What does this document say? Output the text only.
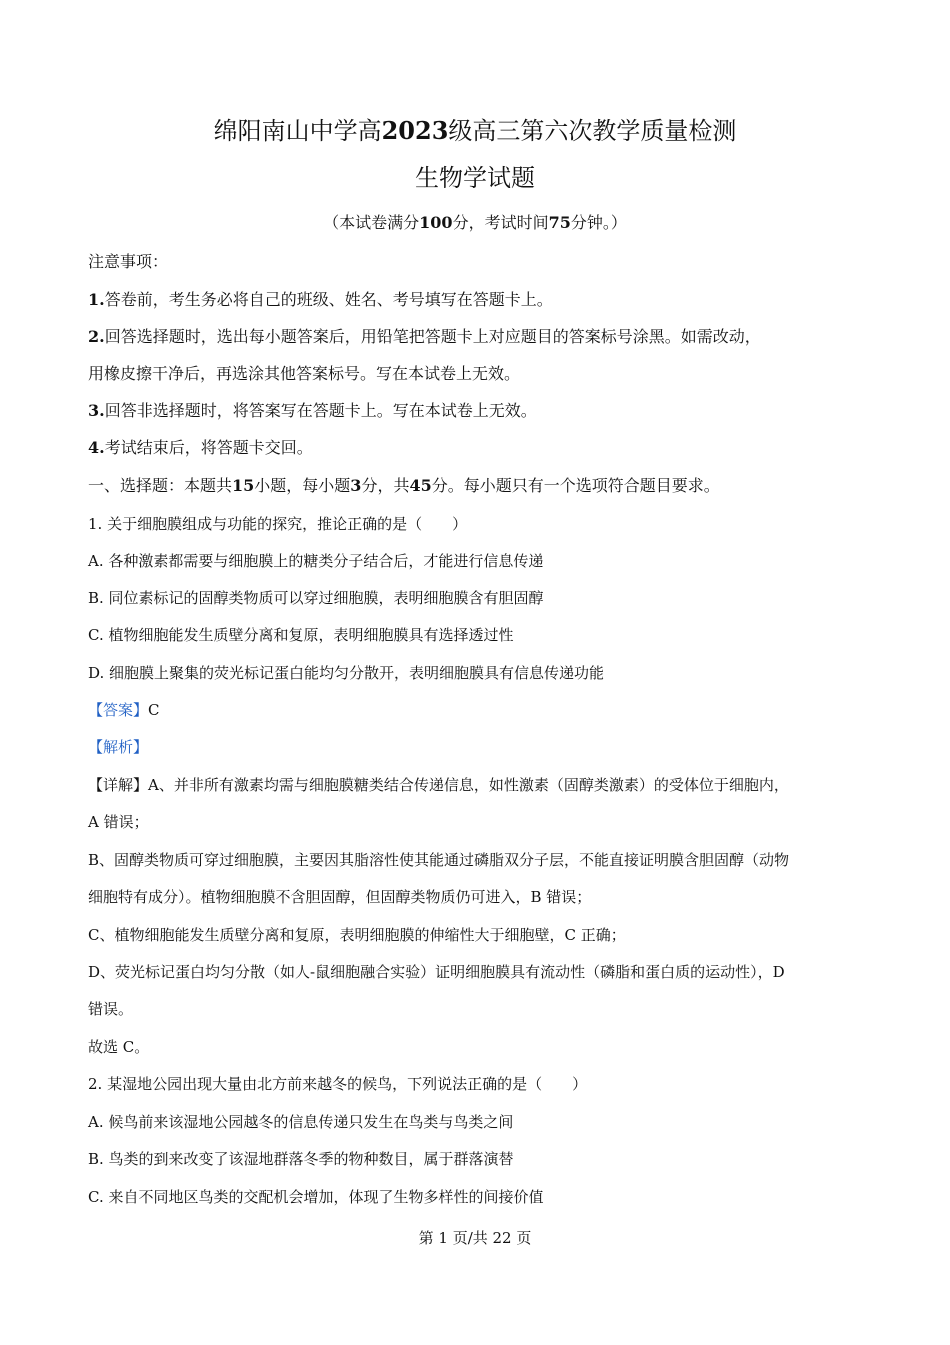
绵阳南山中学高2023级高三第六次教学质量检测
生物学试题
（本试卷满分100分，考试时间75分钟。）
注意事项：
1.答卷前，考生务必将自己的班级、姓名、考号填写在答题卡上。
2.回答选择题时，选出每小题答案后，用铅笔把答题卡上对应题目的答案标号涂黑。如需改动，
用橡皮擦干净后，再选涂其他答案标号。写在本试卷上无效。
3.回答非选择题时，将答案写在答题卡上。写在本试卷上无效。
4.考试结束后，将答题卡交回。
一、选择题：本题共15小题，每小题3分，共45分。每小题只有一个选项符合题目要求。
1. 关于细胞膜组成与功能的探究，推论正确的是（　　）
A. 各种激素都需要与细胞膜上的糖类分子结合后，才能进行信息传递
B. 同位素标记的固醇类物质可以穿过细胞膜，表明细胞膜含有胆固醇
C. 植物细胞能发生质壁分离和复原，表明细胞膜具有选择透过性
D. 细胞膜上聚集的荧光标记蛋白能均匀分散开，表明细胞膜具有信息传递功能
【答案】C
【解析】
【详解】A、并非所有激素均需与细胞膜糖类结合传递信息，如性激素（固醇类激素）的受体位于细胞内，
A 错误；
B、固醇类物质可穿过细胞膜，主要因其脂溶性使其能通过磷脂双分子层，不能直接证明膜含胆固醇（动物
细胞特有成分）。植物细胞膜不含胆固醇，但固醇类物质仍可进入，B 错误；
C、植物细胞能发生质壁分离和复原，表明细胞膜的伸缩性大于细胞壁，C 正确；
D、荧光标记蛋白均匀分散（如人-鼠细胞融合实验）证明细胞膜具有流动性（磷脂和蛋白质的运动性），D
错误。
故选 C。
2. 某湿地公园出现大量由北方前来越冬的候鸟，下列说法正确的是（　　）
A. 候鸟前来该湿地公园越冬的信息传递只发生在鸟类与鸟类之间
B. 鸟类的到来改变了该湿地群落冬季的物种数目，属于群落演替
C. 来自不同地区鸟类的交配机会增加，体现了生物多样性的间接价值
第 1 页/共 22 页
